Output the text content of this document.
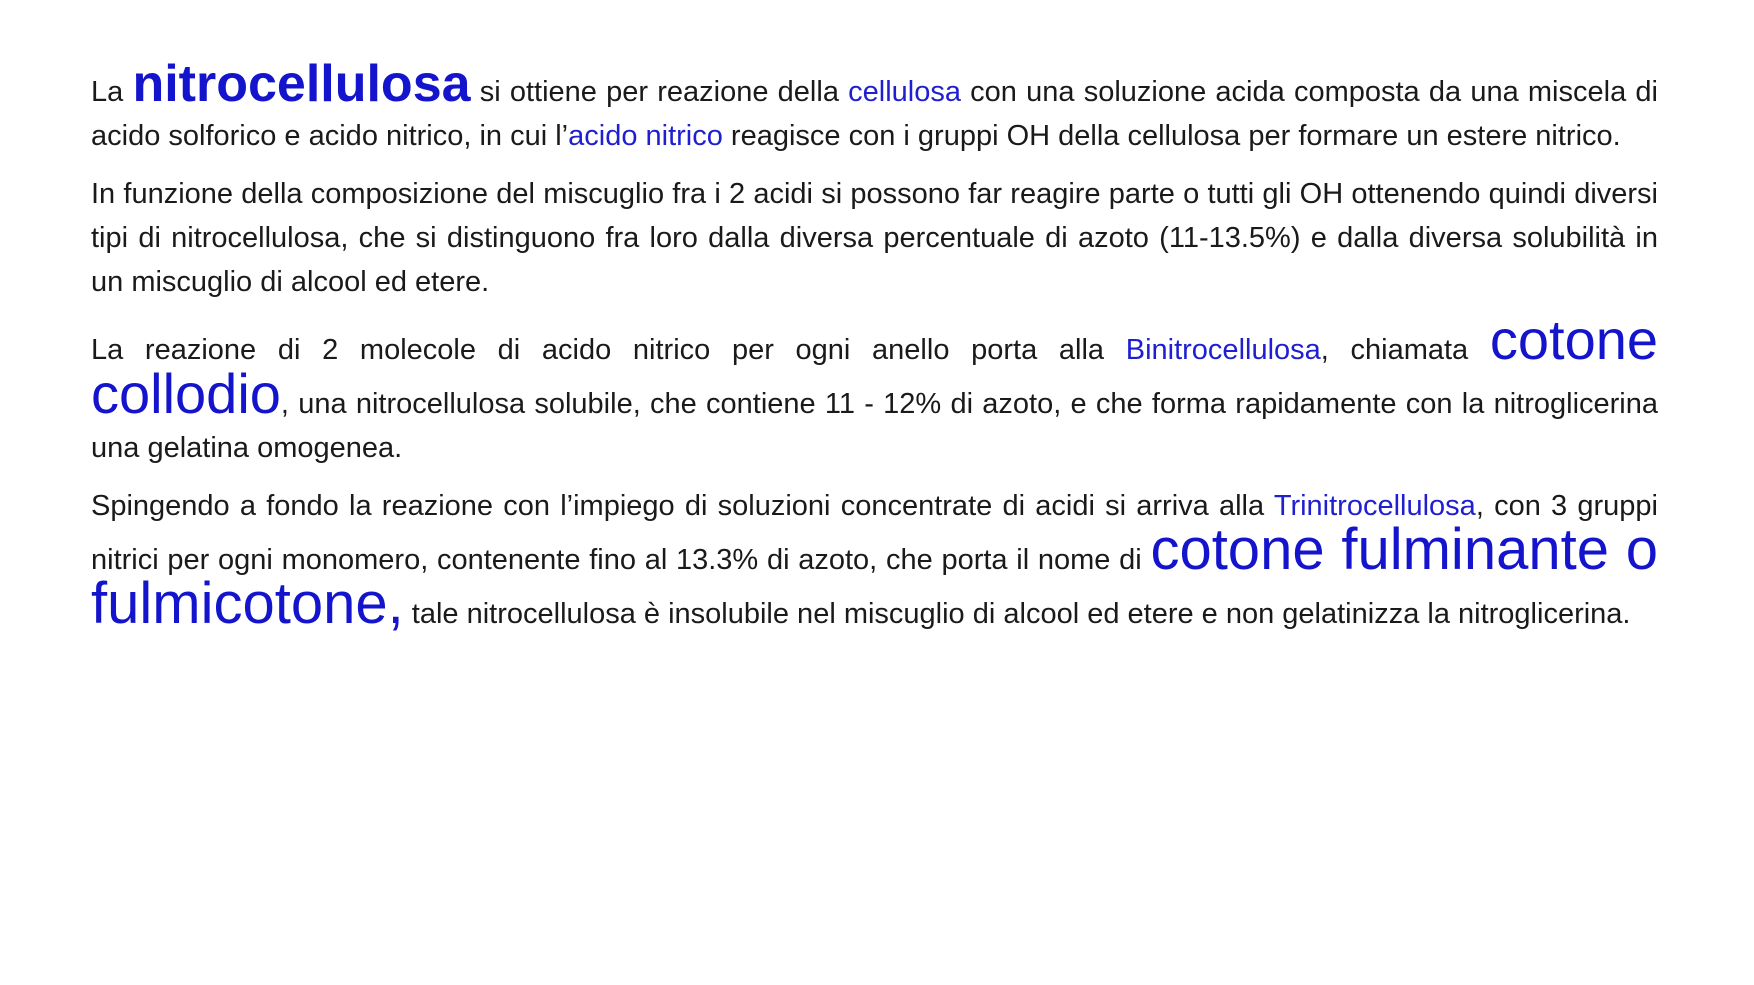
La nitrocellulosa si ottiene per reazione della cellulosa con una soluzione acida composta da una miscela di acido solforico e acido nitrico, in cui l’acido nitrico reagisce con i gruppi OH della cellulosa per formare un estere nitrico.

In funzione della composizione del miscuglio fra i 2 acidi si possono far reagire parte o tutti gli OH ottenendo quindi diversi tipi di nitrocellulosa, che si distinguono fra loro dalla diversa percentuale di azoto (11-13.5%) e dalla diversa solubilità in un miscuglio di alcool ed etere.

La reazione di 2 molecole di acido nitrico per ogni anello porta alla Binitrocellulosa, chiamata cotone collodio, una nitrocellulosa solubile, che contiene 11 - 12% di azoto, e che forma rapidamente con la nitroglicerina una gelatina omogenea.

Spingendo a fondo la reazione con l’impiego di soluzioni concentrate di acidi si arriva alla Trinitrocellulosa, con 3 gruppi nitrici per ogni monomero, contenente fino al 13.3% di azoto, che porta il nome di cotone fulminante o fulmicotone, tale nitrocellulosa è insolubile nel miscuglio di alcool ed etere e non gelatinizza la nitroglicerina.
